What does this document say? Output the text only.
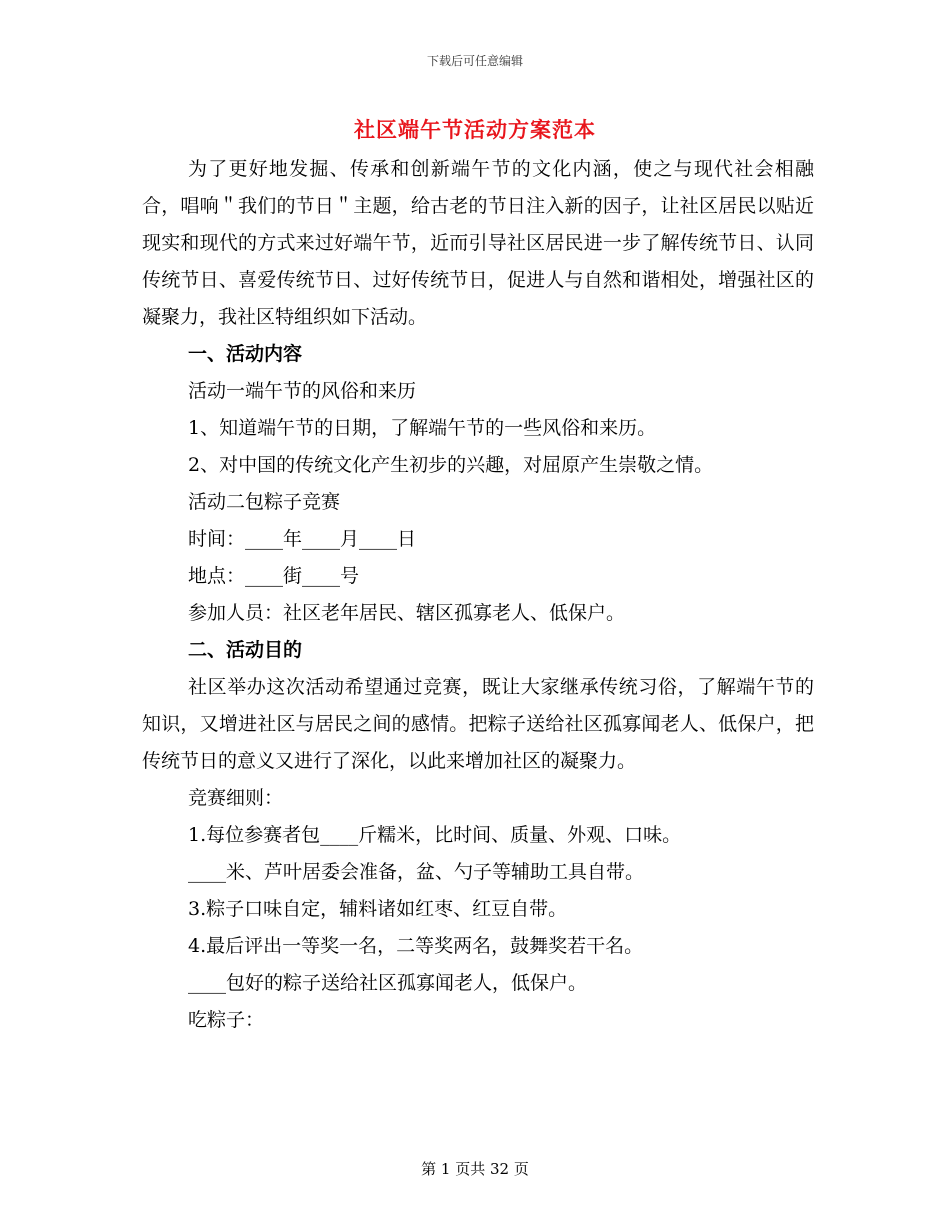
下载后可任意编辑
社区端午节活动方案范本

为了更好地发掘、传承和创新端午节的文化内涵，使之与现代社会相融合，唱响＂我们的节日＂主题，给古老的节日注入新的因子，让社区居民以贴近现实和现代的方式来过好端午节，近而引导社区居民进一步了解传统节日、认同传统节日、喜爱传统节日、过好传统节日，促进人与自然和谐相处，增强社区的凝聚力，我社区特组织如下活动。

一、活动内容

活动一端午节的风俗和来历

1、知道端午节的日期，了解端午节的一些风俗和来历。

2、对中国的传统文化产生初步的兴趣，对屈原产生崇敬之情。

活动二包粽子竞赛

时间：____年____月____日

地点：____街____号

参加人员：社区老年居民、辖区孤寡老人、低保户。

二、活动目的

社区举办这次活动希望通过竞赛，既让大家继承传统习俗，了解端午节的知识，又增进社区与居民之间的感情。把粽子送给社区孤寡闻老人、低保户，把传统节日的意义又进行了深化，以此来增加社区的凝聚力。

竞赛细则：

1.每位参赛者包____斤糯米，比时间、质量、外观、口味。

____米、芦叶居委会准备，盆、勺子等辅助工具自带。

3.粽子口味自定，辅料诸如红枣、红豆自带。

4.最后评出一等奖一名，二等奖两名，鼓舞奖若干名。

____包好的粽子送给社区孤寡闻老人，低保户。

吃粽子：

第 1 页共 32 页
